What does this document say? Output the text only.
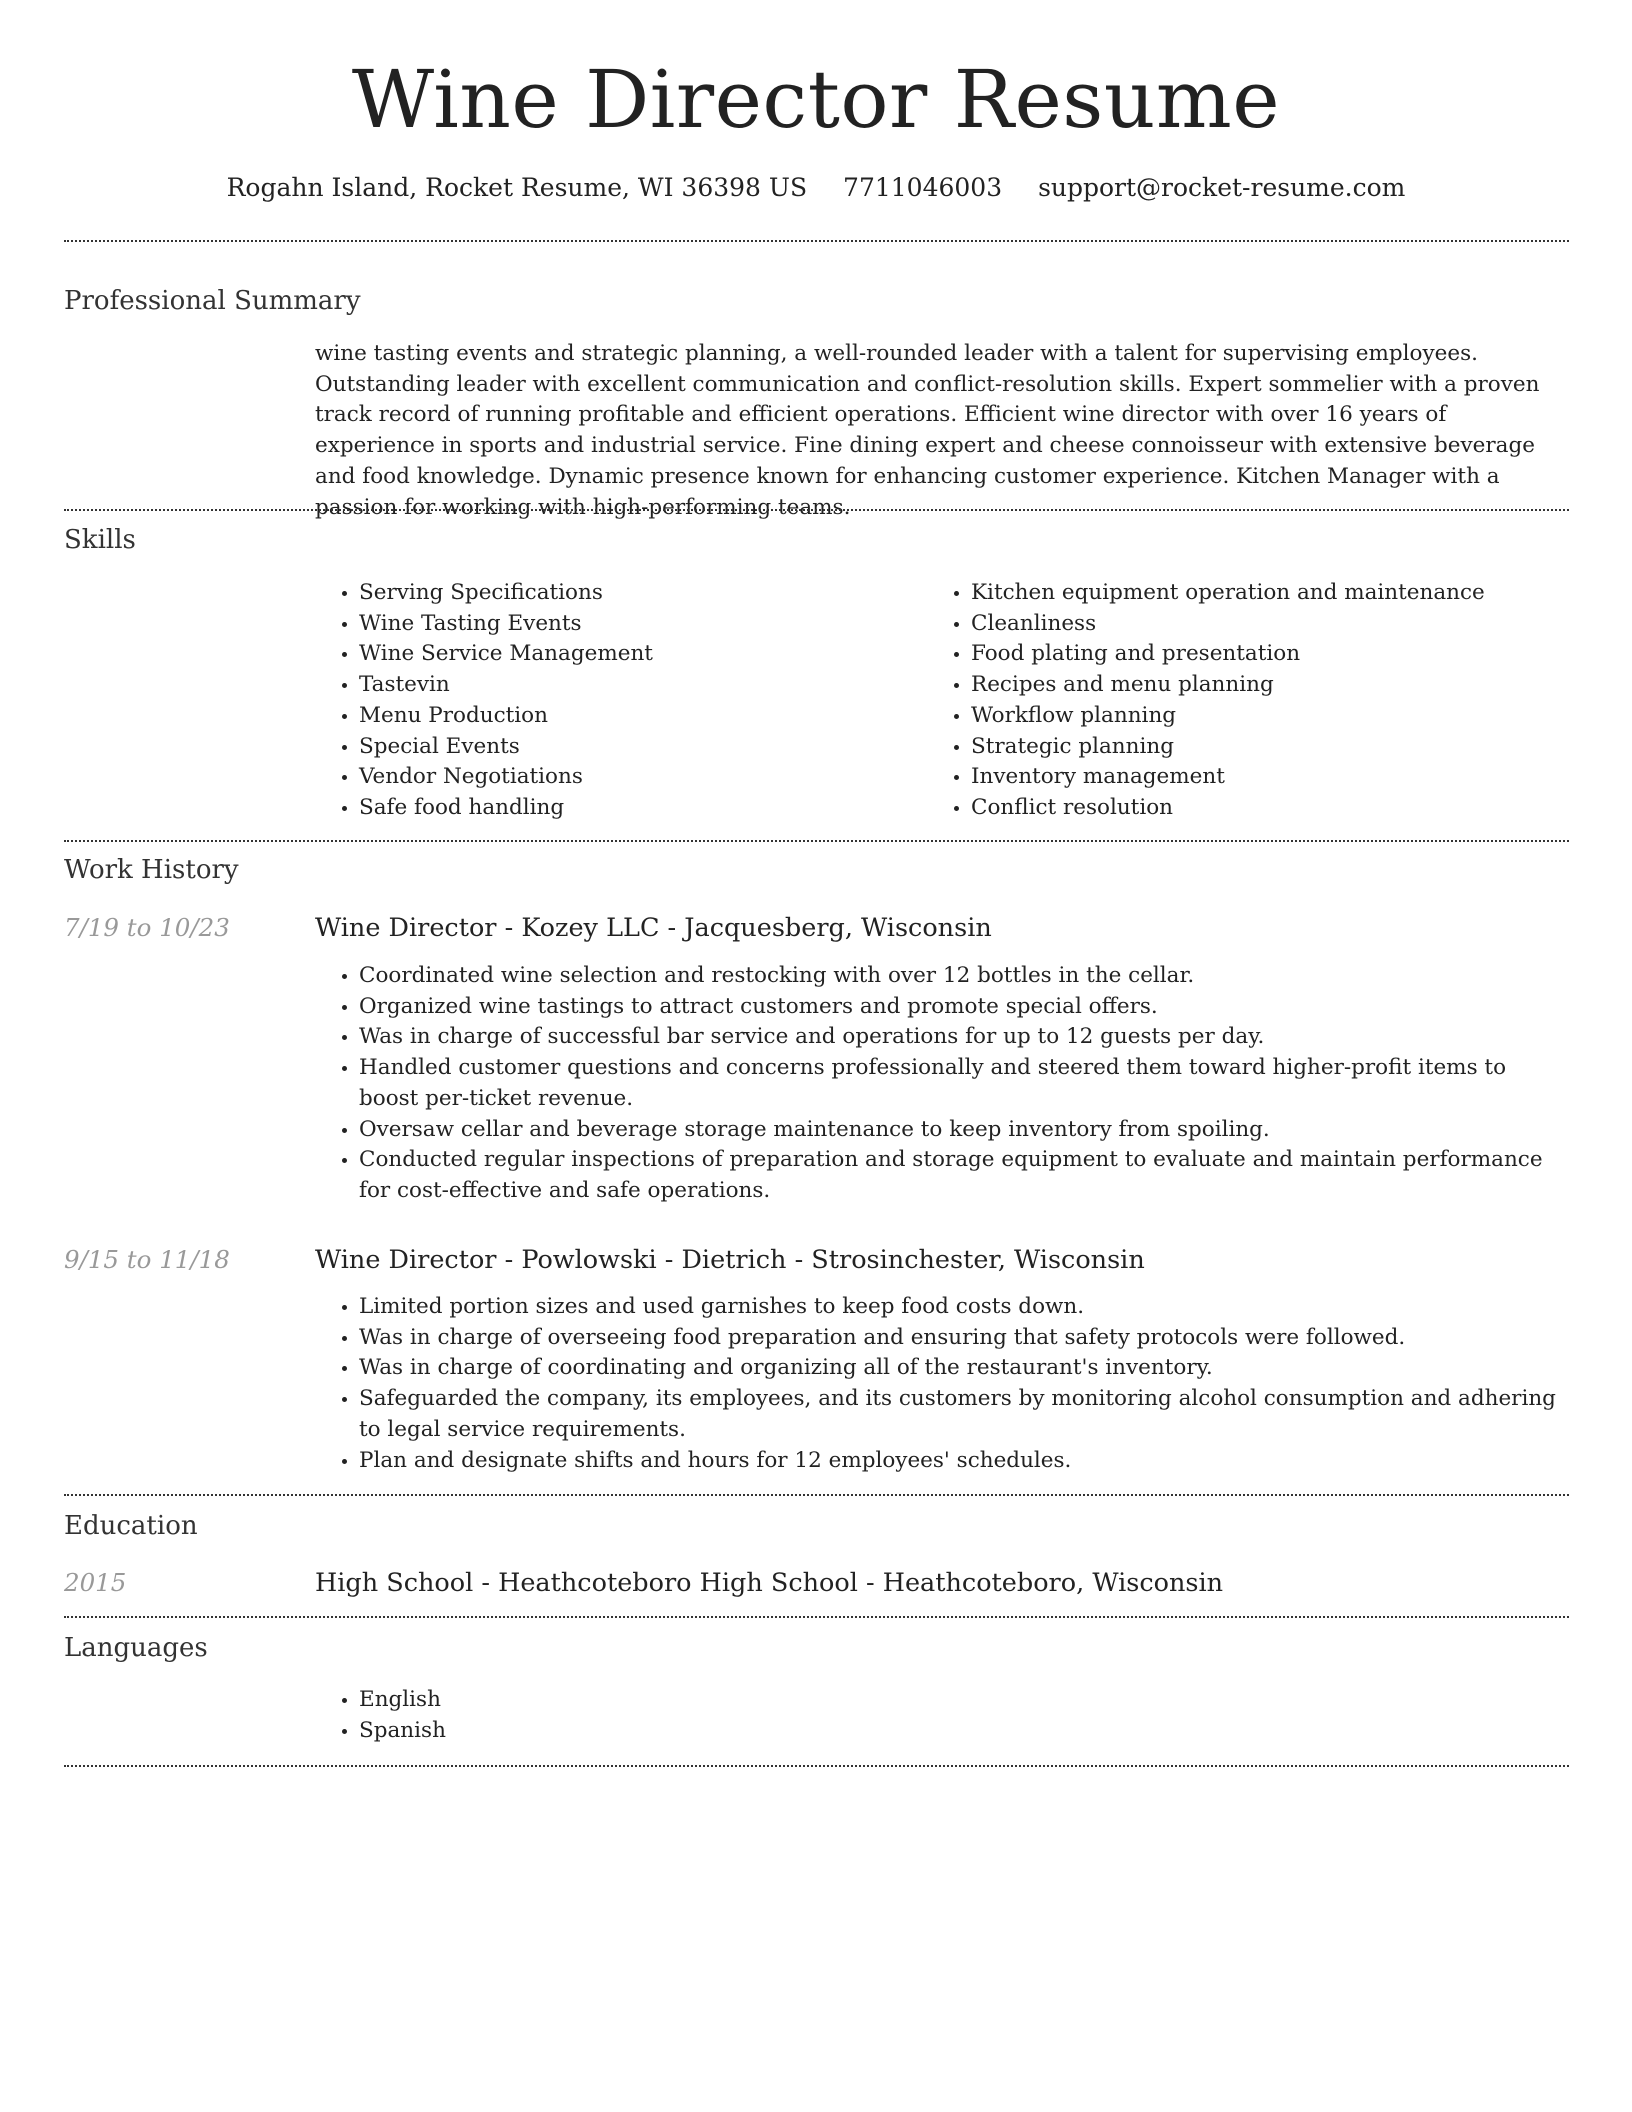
Wine Director Resume
Rogahn Island, Rocket Resume, WI 36398 US 7711046003 support@rocket-resume.com
Professional Summary
wine tasting events and strategic planning, a well-rounded leader with a talent for supervising employees. Outstanding leader with excellent communication and conflict-resolution skills. Expert sommelier with a proven track record of running profitable and efficient operations. Efficient wine director with over 16 years of experience in sports and industrial service. Fine dining expert and cheese connoisseur with extensive beverage and food knowledge. Dynamic presence known for enhancing customer experience. Kitchen Manager with a passion for working with high-performing teams.
Skills
• Serving Specifications
• Wine Tasting Events
• Wine Service Management
• Tastevin
• Menu Production
• Special Events
• Vendor Negotiations
• Safe food handling
• Kitchen equipment operation and maintenance
• Cleanliness
• Food plating and presentation
• Recipes and menu planning
• Workflow planning
• Strategic planning
• Inventory management
• Conflict resolution
Work History
7/19 to 10/23	Wine Director - Kozey LLC - Jacquesberg, Wisconsin
• Coordinated wine selection and restocking with over 12 bottles in the cellar.
• Organized wine tastings to attract customers and promote special offers.
• Was in charge of successful bar service and operations for up to 12 guests per day.
• Handled customer questions and concerns professionally and steered them toward higher-profit items to boost per-ticket revenue.
• Oversaw cellar and beverage storage maintenance to keep inventory from spoiling.
• Conducted regular inspections of preparation and storage equipment to evaluate and maintain performance for cost-effective and safe operations.
9/15 to 11/18	Wine Director - Powlowski - Dietrich - Strosinchester, Wisconsin
• Limited portion sizes and used garnishes to keep food costs down.
• Was in charge of overseeing food preparation and ensuring that safety protocols were followed.
• Was in charge of coordinating and organizing all of the restaurant's inventory.
• Safeguarded the company, its employees, and its customers by monitoring alcohol consumption and adhering to legal service requirements.
• Plan and designate shifts and hours for 12 employees' schedules.
Education
2015	High School - Heathcoteboro High School - Heathcoteboro, Wisconsin
Languages
• English
• Spanish
